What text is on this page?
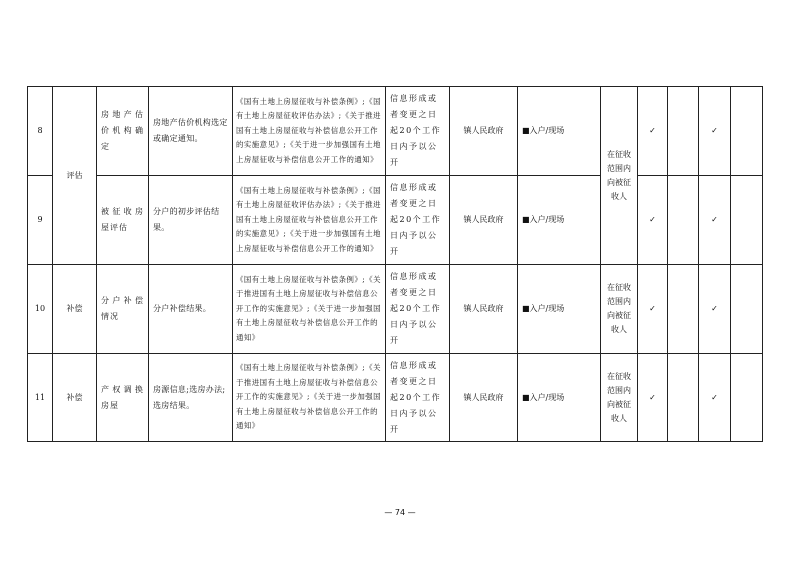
8	评估	房地产估价机构确定	房地产估价机构选定或确定通知。	《国有土地上房屋征收与补偿条例》;《国有土地上房屋征收评估办法》;《关于推进国有土地上房屋征收与补偿信息公开工作的实施意见》;《关于进一步加强国有土地上房屋征收与补偿信息公开工作的通知》	信息形成或者变更之日起20个工作日内予以公开	镇人民政府	■入户/现场	在征收范围内向被征收人	✓		✓	
9		被征收房屋评估	分户的初步评估结果。	《国有土地上房屋征收与补偿条例》;《国有土地上房屋征收评估办法》;《关于推进国有土地上房屋征收与补偿信息公开工作的实施意见》;《关于进一步加强国有土地上房屋征收与补偿信息公开工作的通知》	信息形成或者变更之日起20个工作日内予以公开	镇人民政府	■入户/现场		✓		✓	
10	补偿	分户补偿情况	分户补偿结果。	《国有土地上房屋征收与补偿条例》;《关于推进国有土地上房屋征收与补偿信息公开工作的实施意见》;《关于进一步加强国有土地上房屋征收与补偿信息公开工作的通知》	信息形成或者变更之日起20个工作日内予以公开	镇人民政府	■入户/现场	在征收范围内向被征收人	✓		✓	
11	补偿	产权调换房屋	房源信息;选房办法;选房结果。	《国有土地上房屋征收与补偿条例》;《关于推进国有土地上房屋征收与补偿信息公开工作的实施意见》;《关于进一步加强国有土地上房屋征收与补偿信息公开工作的通知》	信息形成或者变更之日起20个工作日内予以公开	镇人民政府	■入户/现场	在征收范围内向被征收人	✓		✓	
— 74 —
